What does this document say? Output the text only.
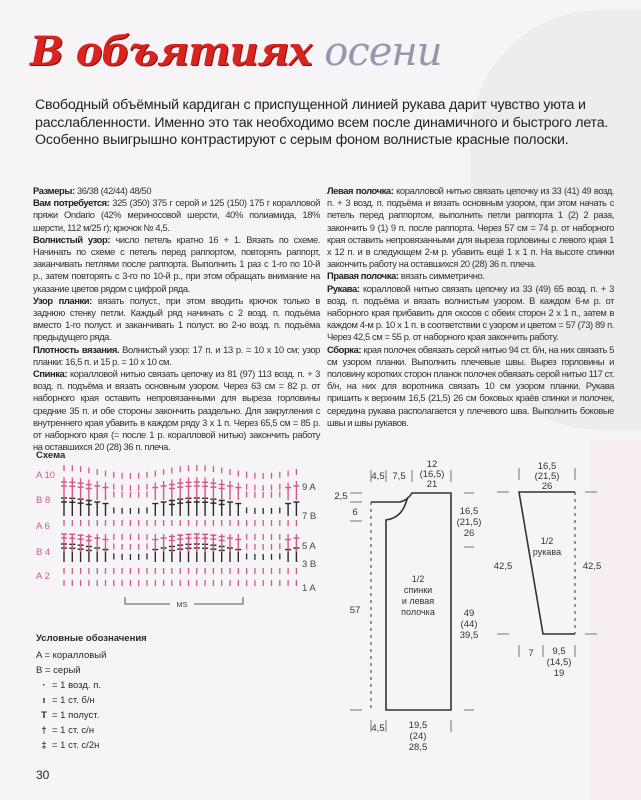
В объятиях осени
Свободный объёмный кардиган с приспущенной линией рукава дарит чувство уюта и расслабленности. Именно это так необходимо всем после динамичного и быстрого лета. Особенно выигрышно контрастируют с серым фоном волнистые красные полоски.

Размеры: 36/38 (42/44) 48/50

Вам потребуется: 325 (350) 375 г серой и 125 (150) 175 г коралловой пряжи Ondario (42% мериносовой шерсти, 40% полиамида, 18% шерсти, 112 м/25 г); крючок № 4,5.

Волнистый узор: число петель кратно 16 + 1. Вязать по схеме. Начинать по схеме с петель перед раппортом, повторять раппорт, заканчивать петлями после раппорта. Выполнить 1 раз с 1-го по 10-й р., затем повторять с 3-го по 10-й р., при этом обращать внимание на указание цветов рядом с цифрой ряда.

Узор планки: вязать полуст., при этом вводить крючок только в заднюю стенку петли. Каждый ряд начинать с 2 возд. п. подъёма вместо 1-го полуст. и заканчивать 1 полуст. во 2-ю возд. п. подъёма предыдущего ряда.

Плотность вязания. Волнистый узор: 17 п. и 13 р. = 10 х 10 см; узор планки: 16,5 п. и 15 р. = 10 х 10 см.

Спинка: коралловой нитью связать цепочку из 81 (97) 113 возд. п. + 3 возд. п. подъёма и вязать основным узором. Через 63 см = 82 р. от наборного края оставить непровязанными для выреза горловины средние 35 п. и обе стороны закончить раздельно. Для закругления с внутреннего края убавить в каждом ряду 3 х 1 п. Через 65,5 см = 85 р. от наборного края (= после 1 р. коралловой нитью) закончить работу на оставшихся 20 (28) 36 п. плеча.

Левая полочка: коралловой нитью связать цепочку из 33 (41) 49 возд. п. + 3 возд. п. подъёма и вязать основным узором, при этом начать с петель перед раппортом, выполнить петли раппорта 1 (2) 2 раза, закончить 9 (1) 9 п. после раппорта. Через 57 см = 74 р. от наборного края оставить непровязанными для выреза горловины с левого края 1 х 12 п. и в следующем 2-м р. убавить ещё 1 х 1 п. На высоте спинки закончить работу на оставшихся 20 (28) 36 п. плеча.

Правая полочка: вязать симметрично.

Рукава: коралловой нитью связать цепочку из 33 (49) 65 возд. п. + 3 возд. п. подъёма и вязать волнистым узором. В каждом 6-м р. от наборного края прибавить для скосов с обеих сторон 2 х 1 п., затем в каждом 4-м р. 10 х 1 п. в соответствии с узором и цветом = 57 (73) 89 п. Через 42,5 см = 55 р. от наборного края закончить работу.

Сборка: края полочек обвязать серой нитью 94 ст. б/н, на них связать 5 см узором планки. Выполнить плечевые швы. Вырез горловины и половину коротких сторон планок полочек обвязать серой нитью 117 ст. б/н, на них для воротника связать 10 см узором планки. Рукава пришить к верхним 16,5 (21,5) 26 см боковых краёв спинки и полочек, середина рукава располагается у плечевого шва. Выполнить боковые швы и швы рукавов.

Схема
A 10
B 8
A 6
B 4
A 2
9 A
7 B
5 A
3 B
1 A
MS
Условные обозначения
A = коралловый
B = серый
· = 1 возд. п.
ı = 1 ст. б/н
T = 1 полуст.
† = 1 ст. с/н
‡ = 1 ст. с/2н
4,5 7,5
12
(16,5)
21
2,5
6
57
16,5
(21,5)
26
49
(44)
39,5
4,5	19,5
(24)
28,5
1/2
спинки
и левая
полочка
1/2
рукава
16,5
(21,5)
26
42,5	42,5
7 9,5
(14,5)
19
30
